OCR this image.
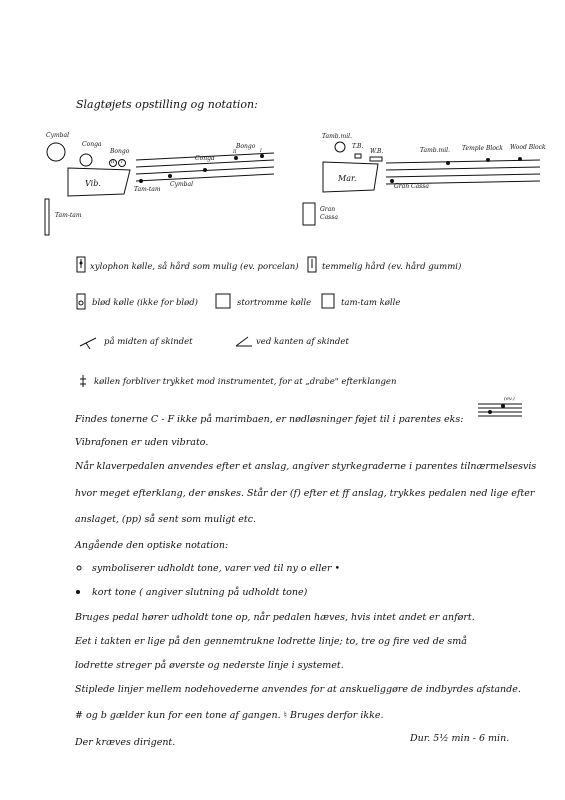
Slagtøjets opstilling og notation:
Cymbal
Conga
Bongo
II I
Vib.
Tam-tam
Bongo
Conga
II	I
Tam-tam
Cymbal
Tamb.mil.
T.B.
W.B.
Mar.
Gran Cassa
Tamb.mil. Temple Block Wood Block
Gran Cassa
xylophon kølle, så hård som mulig (ev. porcelan)	temmelig hård (ev. hård gummi)
blød kølle (ikke for blød)	stortromme kølle	tam-tam kølle
på midten af skindet	ved kanten af skindet
køllen forbliver trykket mod instrumentet, for at „drabe" efterklangen
Findes tonerne C - F ikke på marimbaen, er nødløsninger føjet til i parentes eks:
(ev.)
Vibrafonen er uden vibrato.
Når klaverpedalen anvendes efter et anslag, angiver styrkegraderne i parentes tilnærmelsesvis
hvor meget efterklang, der ønskes. Står der (f) efter et ff anslag, trykkes pedalen ned lige efter
anslaget, (pp) så sent som muligt etc.
Angående den optiske notation:
symboliserer udholdt tone, varer ved til ny o eller •
kort tone ( angiver slutning på udholdt tone)
Bruges pedal hører udholdt tone op, når pedalen hæves, hvis intet andet er anført.
Eet i takten er lige på den gennemtrukne lodrette linje; to, tre og fire ved de små
lodrette streger på øverste og nederste linje i systemet.
Stiplede linjer mellem nodehovederne anvendes for at anskueliggøre de indbyrdes afstande.
# og b gælder kun for een tone af gangen. ♮ Bruges derfor ikke.
Der kræves dirigent.	Dur. 5½ min - 6 min.
